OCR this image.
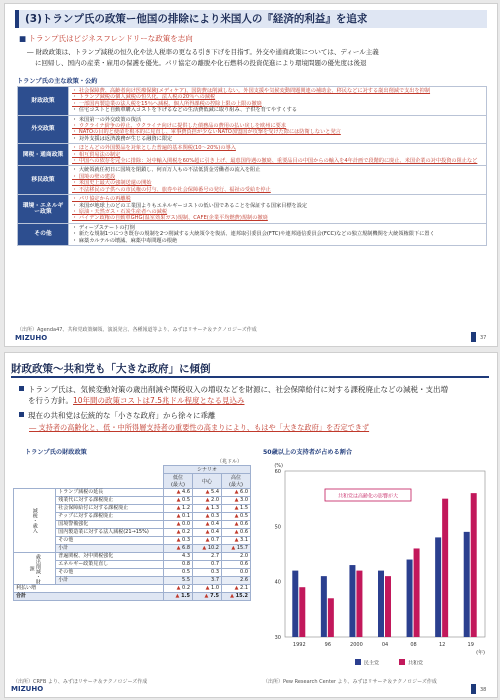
(3)トランプ氏の政策ー他国の排除により米国人の『経済的利益』を追求
■ トランプ氏はビジネスフレンドリーな政策を志向
― 財政政策は、トランプ減税の恒久化や法人税率の更なる引き下げを目指す。外交や通商政策については、ディール主義
に回帰し、国内の産業・雇用の保護を優先。パリ協定の離脱や化石燃料の投資促進により環境問題の優先度は後退
トランプ氏の主な政策・公約
財政政策	・ 社会保障費、高齢者向け医療保険(メディケア)、国防費は削減しない。外国支援や気候変動問題関連の補助金、移民などに対する歳出削減で支出を抑制
・ トランプ減税の個人減税の恒久化、法人税の20％への減税
・ 一部国内製造業の法人税を15％へ減税、個人所得課税の控除上限の上限の撤廃
・ 住宅コストと自動車購入コストを下げるなどの生活費低減に取り組み、子供を育てやすくする

外交政策	・ 米国第一の外交政策の復活
・ ウクライナ紛争の停止、ウクライナ向けに提供した債務品の費用の払い戻しを欧州に要求
・ NATOの目的と使命を根本的に見直し、軍事費負担が少ないNATO加盟国が攻撃を受けた際には防衛しないと発言
・ 対外支援は返済義務が生じる融資に限定

関税・通商政策	・ ほとんどの外国製品を対象とした普遍的基本関税(10〜20%)の導入
・ 相互貿易法の制定
・ 中国への依存を完全に排除：対中輸入関税を60%超に引き上げ、最恵国待遇の撤廃、重要品目の中国からの輸入を4年計画で段階的に廃止、米国企業の対中投資の阻止など

移民政策	・ 大統領就任初日に国境を閉鎖し、何百万人もの不法低賃金労働者の流入を阻止
・ 国境の壁の建設
・ 米国史上最大の強制送還の開始
・ 不法移民の子供への市民権の付与、旅券や社会保障番号の発行、福祉の受給を停止

環境・エネルギー政策	・ パリ協定からの再離脱
・ 米国が地球上のどの工業国よりもエネルギーコストの低い国であることを保証する国家目標を設定
・ 原油・天然ガス・石炭生産者への減税
・ バイデン政権の自動車GHG(温室効果ガス)規制、CAFE(企業平均燃費)規制の撤廃

その他	・ ディープステートの打倒
・ 新たな規制1つにつき既存の規制を2つ削減する大統領令を復活、連邦取引委員会(FTC)や連邦通信委員会(FCC)などの独立規制機関を大統領権限下に置く
・ 麻薬カルテルの壊滅、麻薬中毒問題の根絶
（出所）Agenda47、共和党政策綱領、演説発言、各種報道等より、みずほリサーチ＆テクノロジーズ作成
MIZUHO	37
財政政策〜共和党も「大きな政府」に傾倒
トランプ氏は、気候変動対策の歳出削減や関税収入の増収などを財源に、社会保障給付に対する課税廃止などの減税・支出増
を行う方針。10年間の政策コストは7.5兆ドル程度となる見込み
現在の共和党は伝統的な「小さな政府」から徐々に乖離
― 支持者の高齢化と、低・中所得層支持者の重要性の高まりにより、もはや「大きな政府」を否定できず
トランプ氏の財政政策
（兆ドル）
		シナリオ		
		低位
(最大)	中心	高位
(最大)
減税・歳入	トランプ減税の延長	▲ 4.6	▲ 5.4	▲ 6.0
	残業代に対する課税廃止	▲ 0.5	▲ 2.0	▲ 3.0
	社会保障給付に対する課税廃止	▲ 1.2	▲ 1.3	▲ 1.5
	チップに対する課税廃止	▲ 0.1	▲ 0.3	▲ 0.5
	国境警備強化	▲ 0.0	▲ 0.4	▲ 0.6
	国内製造業に対する法人減税(21→15%)	▲ 0.2	▲ 0.4	▲ 0.6
	その他	▲ 0.3	▲ 0.7	▲ 3.1
	小計	▲ 6.8	▲ 10.2	▲ 15.7
歳出削減・財源	普遍関税、対中関税強化	4.3	2.7	2.0
	エネルギー政策見直し	0.8	0.7	0.6
	その他	0.5	0.3	0.0
	小計	5.5	3.7	2.6
利払い増		▲ 0.2	▲ 1.0	▲ 2.1
合計		▲ 1.5	▲ 7.5	▲ 15.2
50歳以上の支持者が占める割合
(%)
30
40
50
60
1992	96	2000	04	08	12	19
(年)
共和党は高齢化の影響が大
民主党	共和党
（出所）CRFB より、みずほリサーチ＆テクノロジーズ作成	（出所）Pew Research Center より、みずほリサーチ＆テクノロジーズ作成
MIZUHO	38
